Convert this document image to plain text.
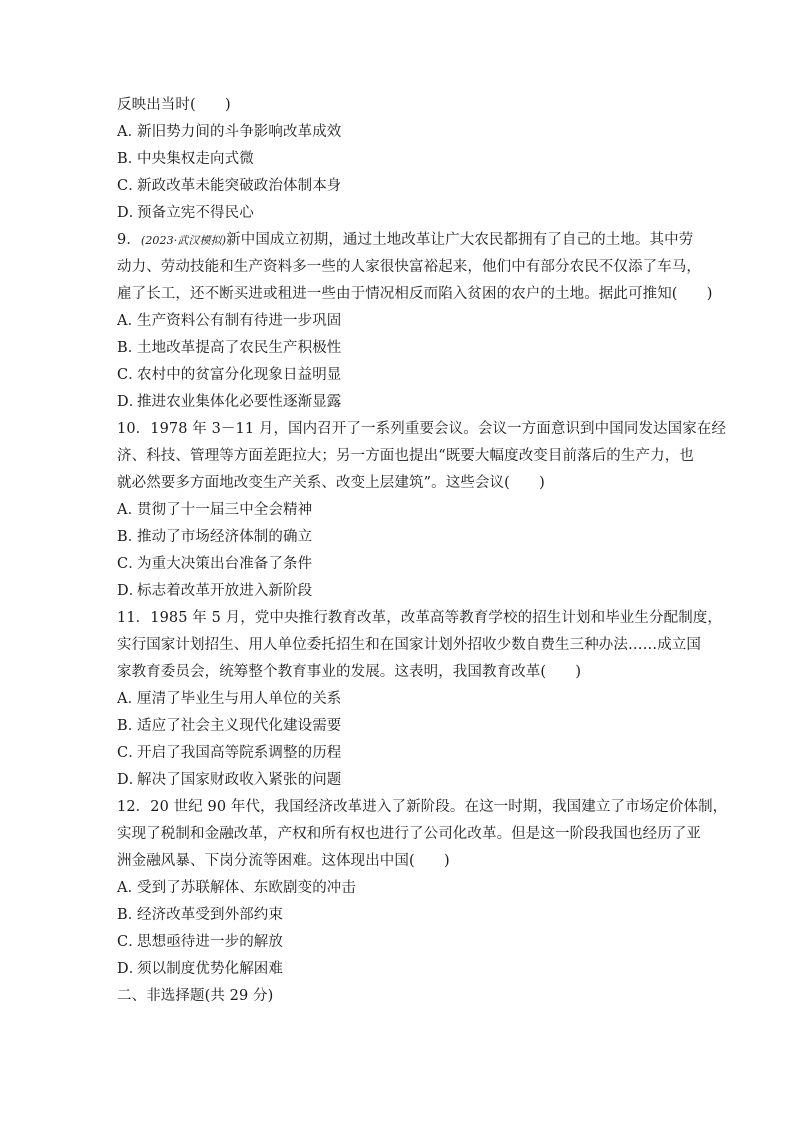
反映出当时(　　)
A．新旧势力间的斗争影响改革成效
B．中央集权走向式微
C．新政改革未能突破政治体制本身
D．预备立宪不得民心
9．(2023·武汉模拟)新中国成立初期，通过土地改革让广大农民都拥有了自己的土地。其中劳
动力、劳动技能和生产资料多一些的人家很快富裕起来，他们中有部分农民不仅添了车马，
雇了长工，还不断买进或租进一些由于情况相反而陷入贫困的农户的土地。据此可推知(　　)
A．生产资料公有制有待进一步巩固
B．土地改革提高了农民生产积极性
C．农村中的贫富分化现象日益明显
D．推进农业集体化必要性逐渐显露
10．1978 年 3－11 月，国内召开了一系列重要会议。会议一方面意识到中国同发达国家在经
济、科技、管理等方面差距拉大；另一方面也提出“既要大幅度改变目前落后的生产力，也
就必然要多方面地改变生产关系、改变上层建筑”。这些会议(　　)
A．贯彻了十一届三中全会精神
B．推动了市场经济体制的确立
C．为重大决策出台准备了条件
D．标志着改革开放进入新阶段
11．1985 年 5 月，党中央推行教育改革，改革高等教育学校的招生计划和毕业生分配制度，
实行国家计划招生、用人单位委托招生和在国家计划外招收少数自费生三种办法……成立国
家教育委员会，统筹整个教育事业的发展。这表明，我国教育改革(　　)
A．厘清了毕业生与用人单位的关系
B．适应了社会主义现代化建设需要
C．开启了我国高等院系调整的历程
D．解决了国家财政收入紧张的问题
12．20 世纪 90 年代，我国经济改革进入了新阶段。在这一时期，我国建立了市场定价体制，
实现了税制和金融改革，产权和所有权也进行了公司化改革。但是这一阶段我国也经历了亚
洲金融风暴、下岗分流等困难。这体现出中国(　　)
A．受到了苏联解体、东欧剧变的冲击
B．经济改革受到外部约束
C．思想亟待进一步的解放
D．须以制度优势化解困难
二、非选择题(共 29 分)
